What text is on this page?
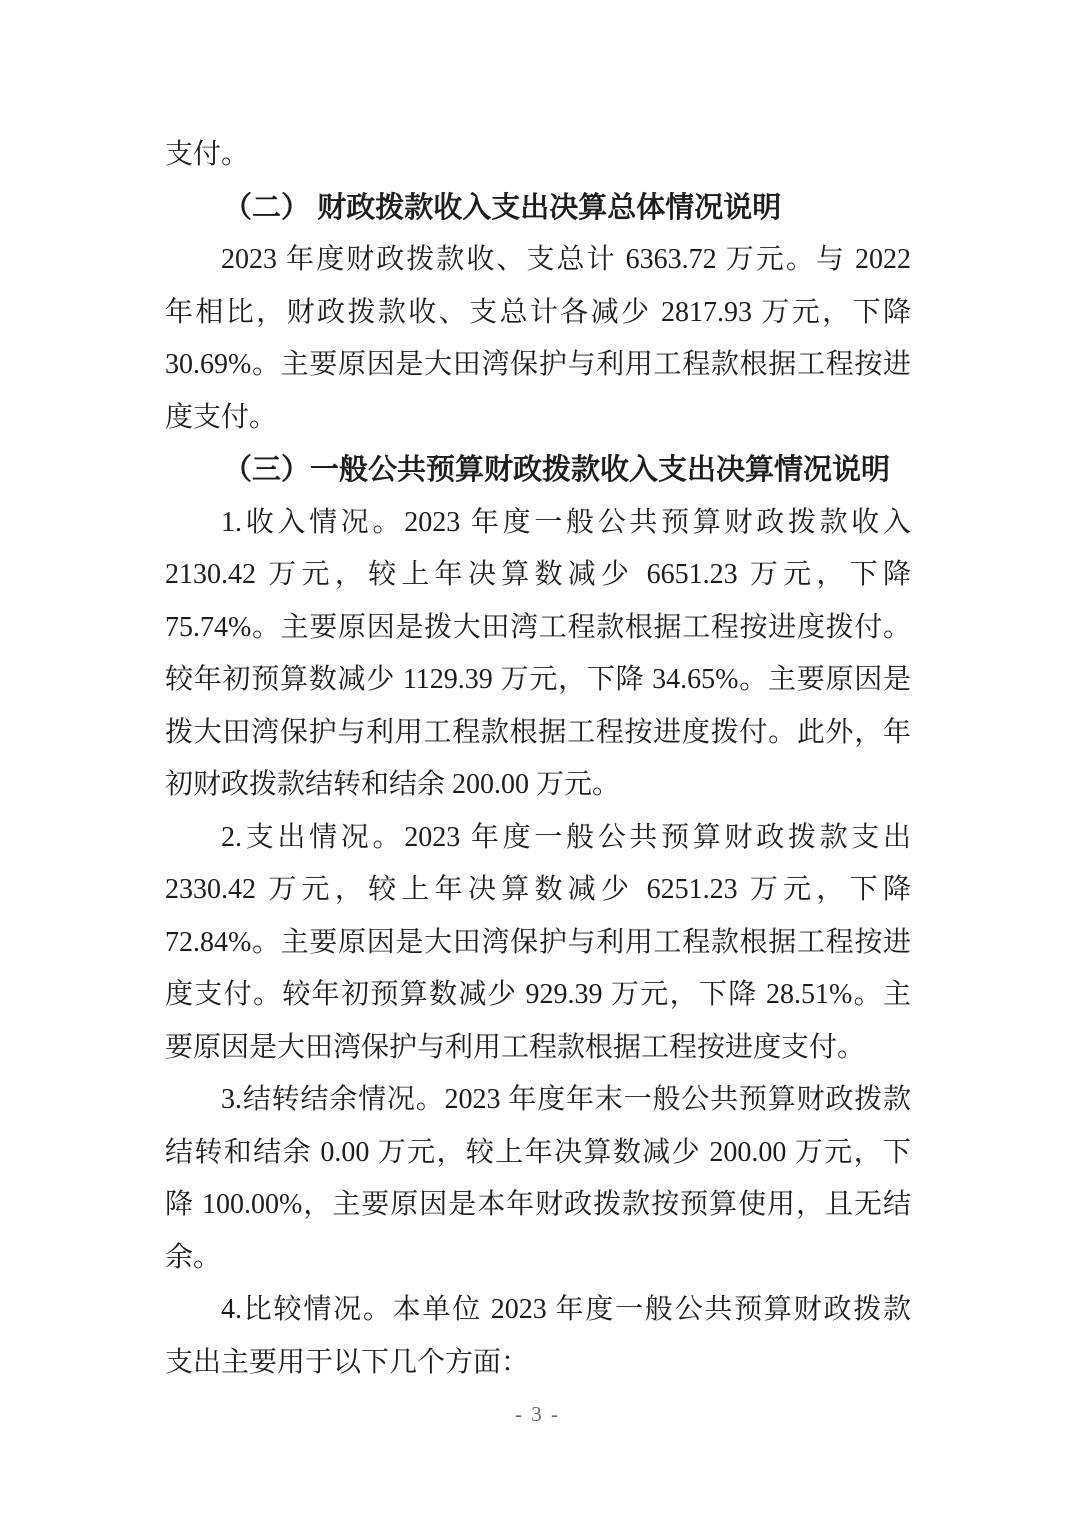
支付。
（二） 财政拨款收入支出决算总体情况说明
2023 年度财政拨款收、支总计 6363.72 万元。与 2022
年相比，财政拨款收、支总计各减少 2817.93 万元，下降
30.69%。主要原因是大田湾保护与利用工程款根据工程按进
度支付。
（三）一般公共预算财政拨款收入支出决算情况说明
1.收入情况。2023 年度一般公共预算财政拨款收入
2130.42 万元，较上年决算数减少 6651.23 万元，下降
75.74%。主要原因是拨大田湾工程款根据工程按进度拨付。
较年初预算数减少 1129.39 万元，下降 34.65%。主要原因是
拨大田湾保护与利用工程款根据工程按进度拨付。此外，年
初财政拨款结转和结余 200.00 万元。
2.支出情况。2023 年度一般公共预算财政拨款支出
2330.42 万元，较上年决算数减少 6251.23 万元，下降
72.84%。主要原因是大田湾保护与利用工程款根据工程按进
度支付。较年初预算数减少 929.39 万元，下降 28.51%。主
要原因是大田湾保护与利用工程款根据工程按进度支付。
3.结转结余情况。2023 年度年末一般公共预算财政拨款
结转和结余 0.00 万元，较上年决算数减少 200.00 万元，下
降 100.00%，主要原因是本年财政拨款按预算使用，且无结
余。
4.比较情况。本单位 2023 年度一般公共预算财政拨款
支出主要用于以下几个方面：
- 3 -
